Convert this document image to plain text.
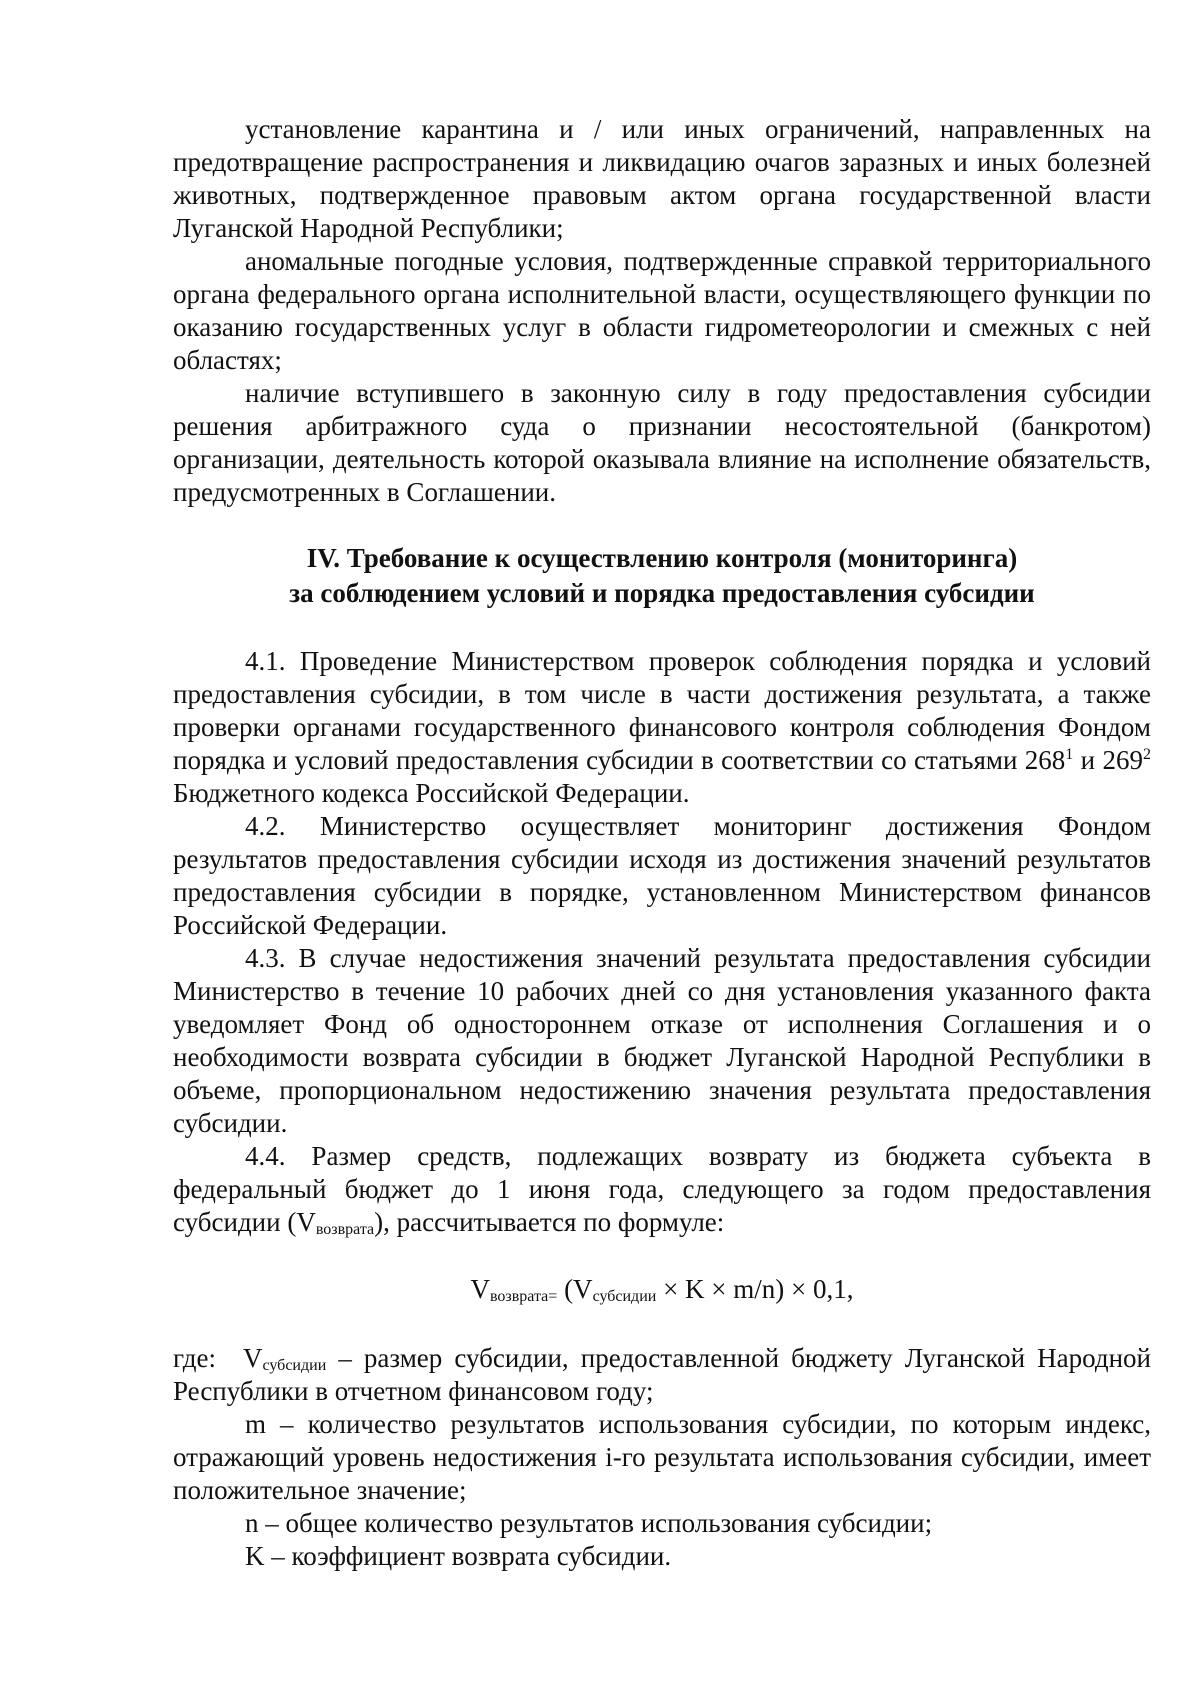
установление карантина и / или иных ограничений, направленных на предотвращение распространения и ликвидацию очагов заразных и иных болезней животных, подтвержденное правовым актом органа государственной власти Луганской Народной Республики;

аномальные погодные условия, подтвержденные справкой территориального органа федерального органа исполнительной власти, осуществляющего функции по оказанию государственных услуг в области гидрометеорологии и смежных с ней областях;

наличие вступившего в законную силу в году предоставления субсидии решения арбитражного суда о признании несостоятельной (банкротом) организации, деятельность которой оказывала влияние на исполнение обязательств, предусмотренных в Соглашении.

IV. Требование к осуществлению контроля (мониторинга)
за соблюдением условий и порядка предоставления субсидии

4.1. Проведение Министерством проверок соблюдения порядка и условий предоставления субсидии, в том числе в части достижения результата, а также проверки органами государственного финансового контроля соблюдения Фондом порядка и условий предоставления субсидии в соответствии со статьями $268^1$ и $269^2$ Бюджетного кодекса Российской Федерации.

4.2. Министерство осуществляет мониторинг достижения Фондом результатов предоставления субсидии исходя из достижения значений результатов предоставления субсидии в порядке, установленном Министерством финансов Российской Федерации.

4.3. В случае недостижения значений результата предоставления субсидии Министерство в течение 10 рабочих дней со дня установления указанного факта уведомляет Фонд об одностороннем отказе от исполнения Соглашения и о необходимости возврата субсидии в бюджет Луганской Народной Республики в объеме, пропорциональном недостижению значения результата предоставления субсидии.

4.4. Размер средств, подлежащих возврату из бюджета субъекта в федеральный бюджет до 1 июня года, следующего за годом предоставления субсидии $(V_{возврата})$, рассчитывается по формуле:

$V_{возврата=}$ $(V_{субсидии} \times K \times m/n) \times 0,1$,

где: $V_{субсидии}$ – размер субсидии, предоставленной бюджету Луганской Народной Республики в отчетном финансовом году;

m – количество результатов использования субсидии, по которым индекс, отражающий уровень недостижения i-го результата использования субсидии, имеет положительное значение;

n – общее количество результатов использования субсидии;

K – коэффициент возврата субсидии.
